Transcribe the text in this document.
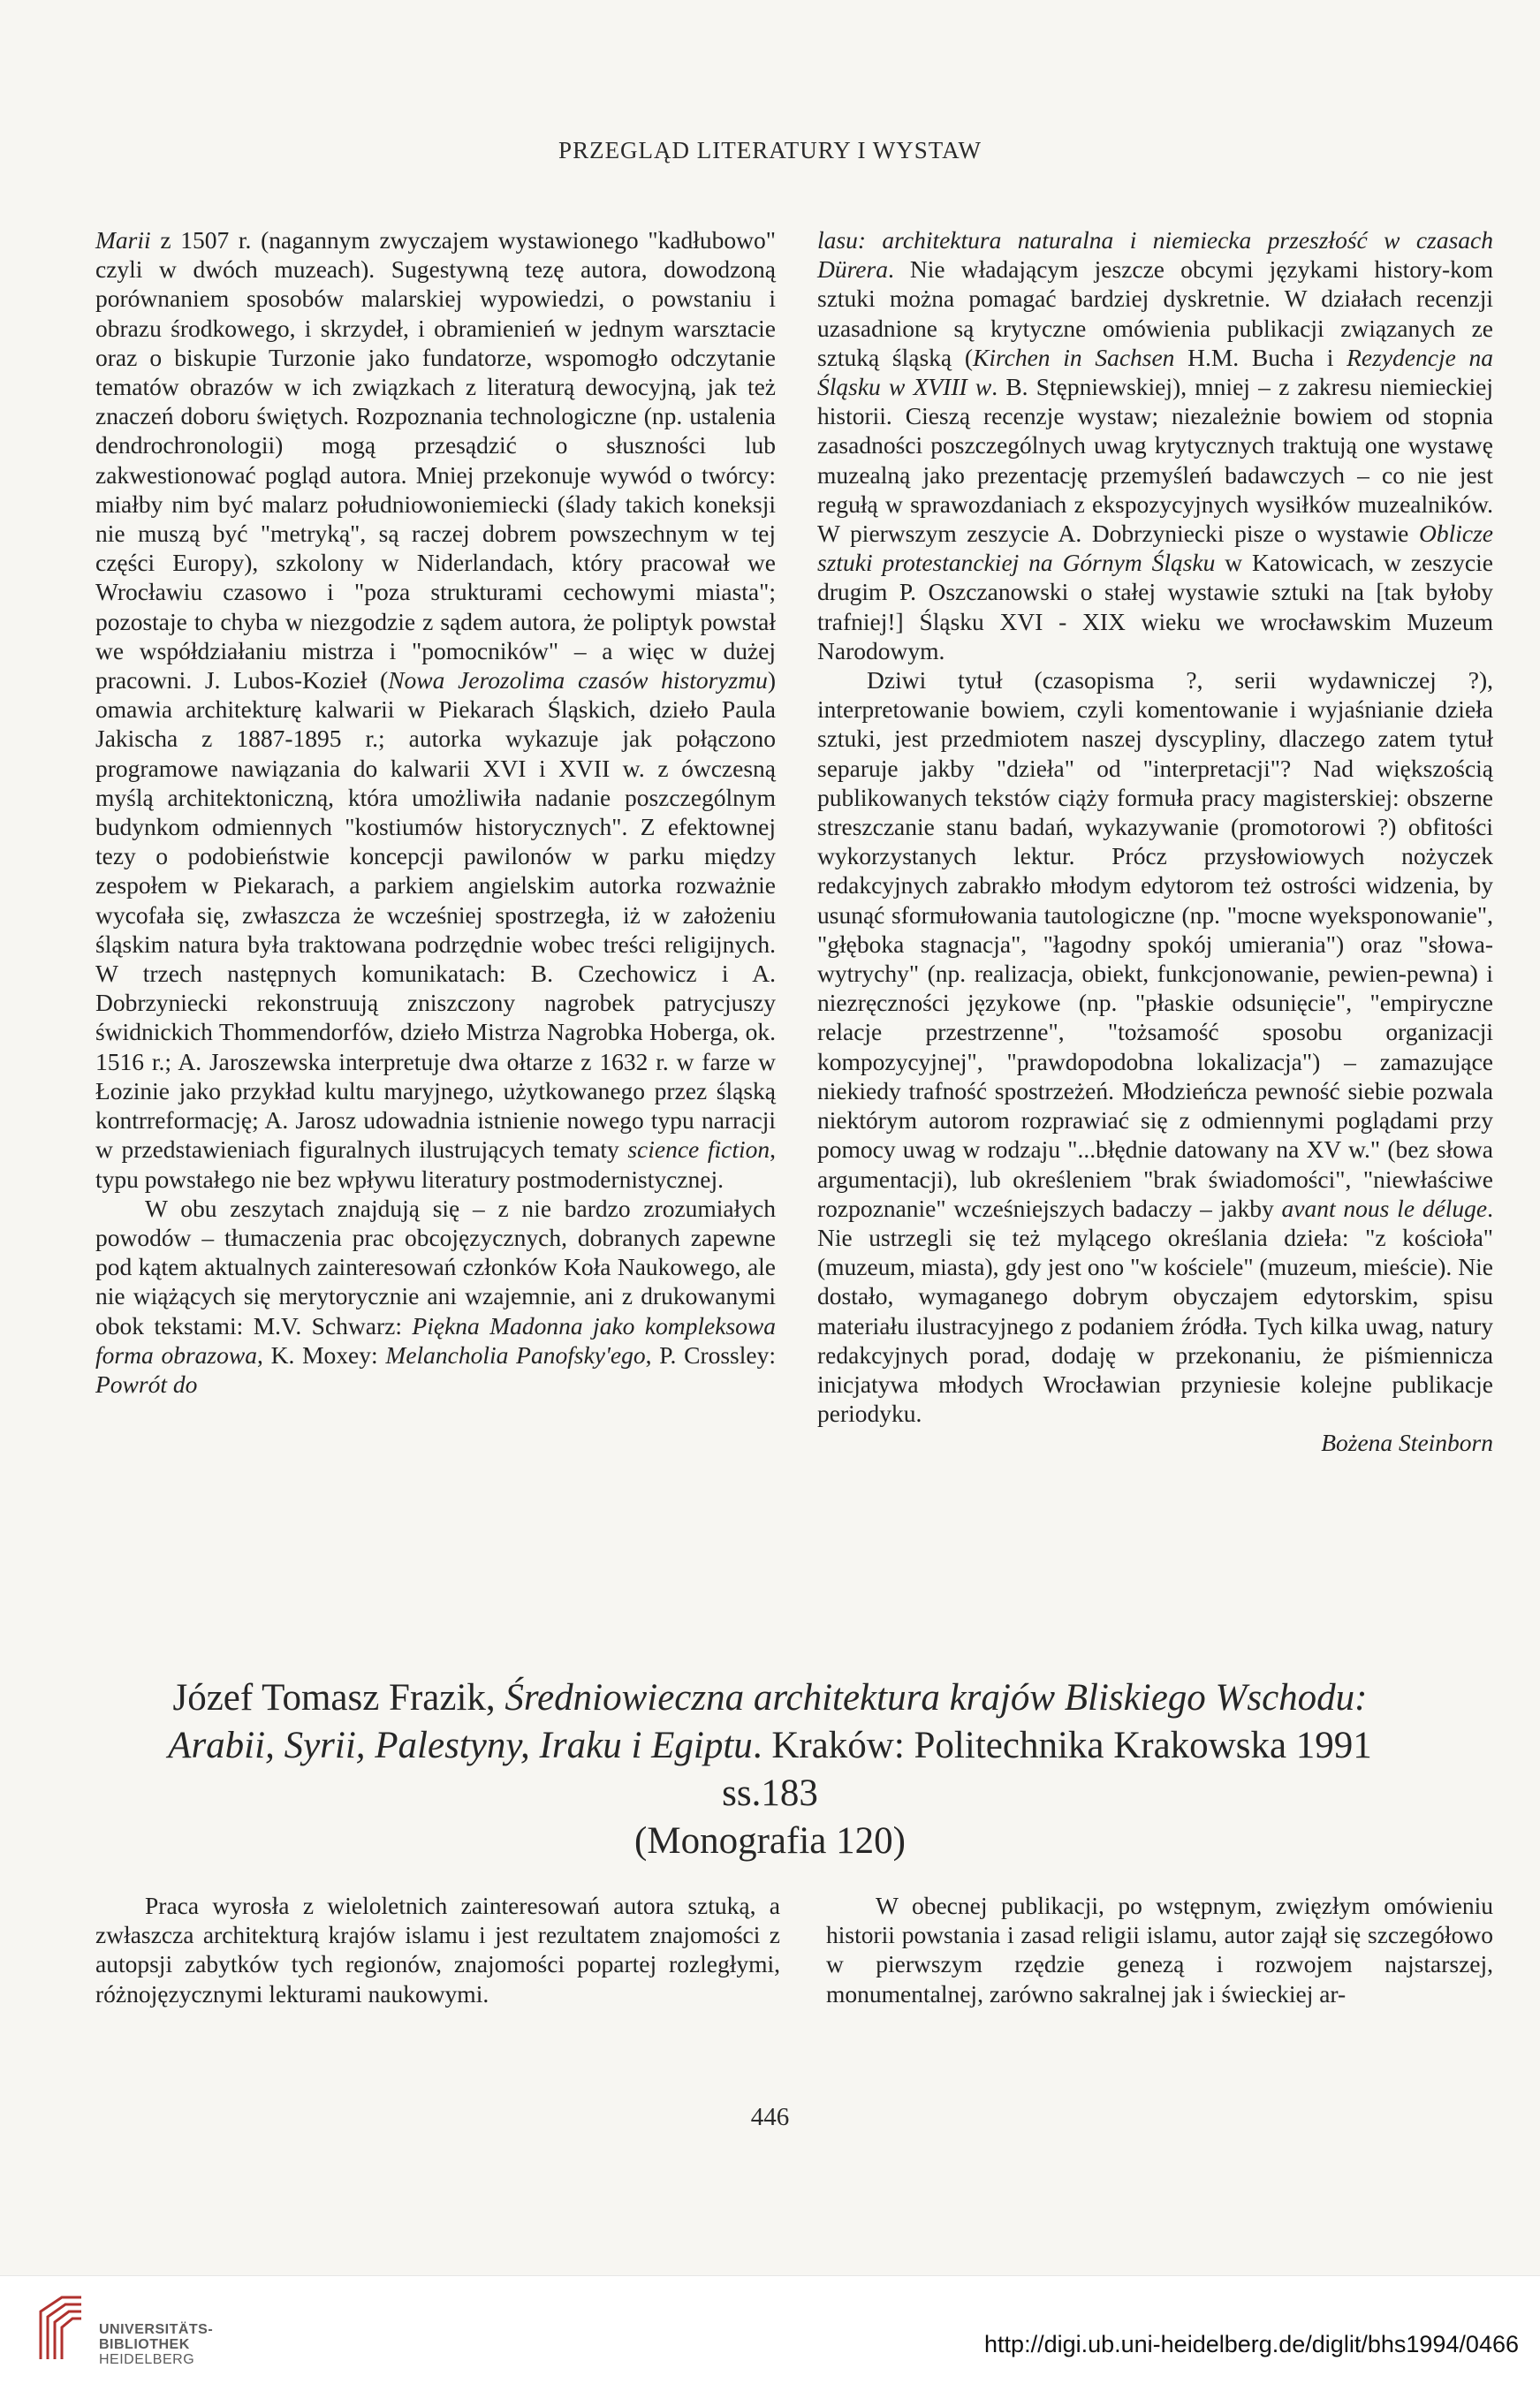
PRZEGLĄD LITERATURY I WYSTAW

Marii z 1507 r. (nagannym zwyczajem wystawionego "kadłubowo" czyli w dwóch muzeach). Sugestywną tezę autora, dowodzoną porównaniem sposobów malarskiej wypowiedzi, o powstaniu i obrazu środkowego, i skrzydeł, i obramienień w jednym warsztacie oraz o biskupie Turzonie jako fundatorze, wspomogło odczytanie tematów obrazów w ich związkach z literaturą dewocyjną, jak też znaczeń doboru świętych. Rozpoznania technologiczne (np. ustalenia dendrochronologii) mogą przesądzić o słuszności lub zakwestionować pogląd autora. Mniej przekonuje wywód o twórcy: miałby nim być malarz południowoniemiecki (ślady takich koneksji nie muszą być "metryką", są raczej dobrem powszechnym w tej części Europy), szkolony w Niderlandach, który pracował we Wrocławiu czasowo i "poza strukturami cechowymi miasta"; pozostaje to chyba w niezgodzie z sądem autora, że poliptyk powstał we współdziałaniu mistrza i "pomocników" – a więc w dużej pracowni. J. Lubos-Kozieł (Nowa Jerozolima czasów historyzmu) omawia architekturę kalwarii w Piekarach Śląskich, dzieło Paula Jakischa z 1887-1895 r.; autorka wykazuje jak połączono programowe nawiązania do kalwarii XVI i XVII w. z ówczesną myślą architektoniczną, która umożliwiła nadanie poszczególnym budynkom odmiennych "kostiumów historycznych". Z efektownej tezy o podobieństwie koncepcji pawilonów w parku między zespołem w Piekarach, a parkiem angielskim autorka rozważnie wycofała się, zwłaszcza że wcześniej spostrzegła, iż w założeniu śląskim natura była traktowana podrzędnie wobec treści religijnych. W trzech następnych komunikatach: B. Czechowicz i A. Dobrzyniecki rekonstruują zniszczony nagrobek patrycjuszy świdnickich Thommendorfów, dzieło Mistrza Nagrobka Hoberga, ok. 1516 r.; A. Jaroszewska interpretuje dwa ołtarze z 1632 r. w farze w Łozinie jako przykład kultu maryjnego, użytkowanego przez śląską kontrreformację; A. Jarosz udowadnia istnienie nowego typu narracji w przedstawieniach figuralnych ilustrujących tematy science fiction, typu powstałego nie bez wpływu literatury postmodernistycznej.

W obu zeszytach znajdują się – z nie bardzo zrozumiałych powodów – tłumaczenia prac obcojęzycznych, dobranych zapewne pod kątem aktualnych zainteresowań członków Koła Naukowego, ale nie wiążących się merytorycznie ani wzajemnie, ani z drukowanymi obok tekstami: M.V. Schwarz: Piękna Madonna jako kompleksowa forma obrazowa, K. Moxey: Melancholia Panofsky'ego, P. Crossley: Powrót do

lasu: architektura naturalna i niemiecka przeszłość w czasach Dürera. Nie władającym jeszcze obcymi językami history-kom sztuki można pomagać bardziej dyskretnie. W działach recenzji uzasadnione są krytyczne omówienia publikacji związanych ze sztuką śląską (Kirchen in Sachsen H.M. Bucha i Rezydencje na Śląsku w XVIII w. B. Stępniewskiej), mniej – z zakresu niemieckiej historii. Cieszą recenzje wystaw; niezależnie bowiem od stopnia zasadności poszczególnych uwag krytycznych traktują one wystawę muzealną jako prezentację przemyśleń badawczych – co nie jest regułą w sprawozdaniach z ekspozycyjnych wysiłków muzealników. W pierwszym zeszycie A. Dobrzyniecki pisze o wystawie Oblicze sztuki protestanckiej na Górnym Śląsku w Katowicach, w zeszycie drugim P. Oszczanowski o stałej wystawie sztuki na [tak byłoby trafniej!] Śląsku XVI - XIX wieku we wrocławskim Muzeum Narodowym.

Dziwi tytuł (czasopisma ?, serii wydawniczej ?), interpretowanie bowiem, czyli komentowanie i wyjaśnianie dzieła sztuki, jest przedmiotem naszej dyscypliny, dlaczego zatem tytuł separuje jakby "dzieła" od "interpretacji"? Nad większością publikowanych tekstów ciąży formuła pracy magisterskiej: obszerne streszczanie stanu badań, wykazywanie (promotorowi ?) obfitości wykorzystanych lektur. Prócz przysłowiowych nożyczek redakcyjnych zabrakło młodym edytorom też ostrości widzenia, by usunąć sformułowania tautologiczne (np. "mocne wyeksponowanie", "głęboka stagnacja", "łagodny spokój umierania") oraz "słowa-wytrychy" (np. realizacja, obiekt, funkcjonowanie, pewien-pewna) i niezręczności językowe (np. "płaskie odsunięcie", "empiryczne relacje przestrzenne", "tożsamość sposobu organizacji kompozycyjnej", "prawdopodobna lokalizacja") – zamazujące niekiedy trafność spostrzeżeń. Młodzieńcza pewność siebie pozwala niektórym autorom rozprawiać się z odmiennymi poglądami przy pomocy uwag w rodzaju "...błędnie datowany na XV w." (bez słowa argumentacji), lub określeniem "brak świadomości", "niewłaściwe rozpoznanie" wcześniejszych badaczy – jakby avant nous le déluge. Nie ustrzegli się też mylącego określania dzieła: "z kościoła" (muzeum, miasta), gdy jest ono "w kościele" (muzeum, mieście). Nie dostało, wymaganego dobrym obyczajem edytorskim, spisu materiału ilustracyjnego z podaniem źródła. Tych kilka uwag, natury redakcyjnych porad, dodaję w przekonaniu, że piśmiennicza inicjatywa młodych Wrocławian przyniesie kolejne publikacje periodyku.

Bożena Steinborn

Józef Tomasz Frazik, Średniowieczna architektura krajów Bliskiego Wschodu: Arabii, Syrii, Palestyny, Iraku i Egiptu. Kraków: Politechnika Krakowska 1991 ss.183
(Monografia 120)

Praca wyrosła z wieloletnich zainteresowań autora sztuką, a zwłaszcza architekturą krajów islamu i jest rezultatem znajomości z autopsji zabytków tych regionów, znajomości popartej rozległymi, różnojęzycznymi lekturami naukowymi.

W obecnej publikacji, po wstępnym, zwięzłym omówieniu historii powstania i zasad religii islamu, autor zajął się szczegółowo w pierwszym rzędzie genezą i rozwojem najstarszej, monumentalnej, zarówno sakralnej jak i świeckiej ar-

446
UNIVERSITÄTS-
BIBLIOTHEK
HEIDELBERG
http://digi.ub.uni-heidelberg.de/diglit/bhs1994/0466
